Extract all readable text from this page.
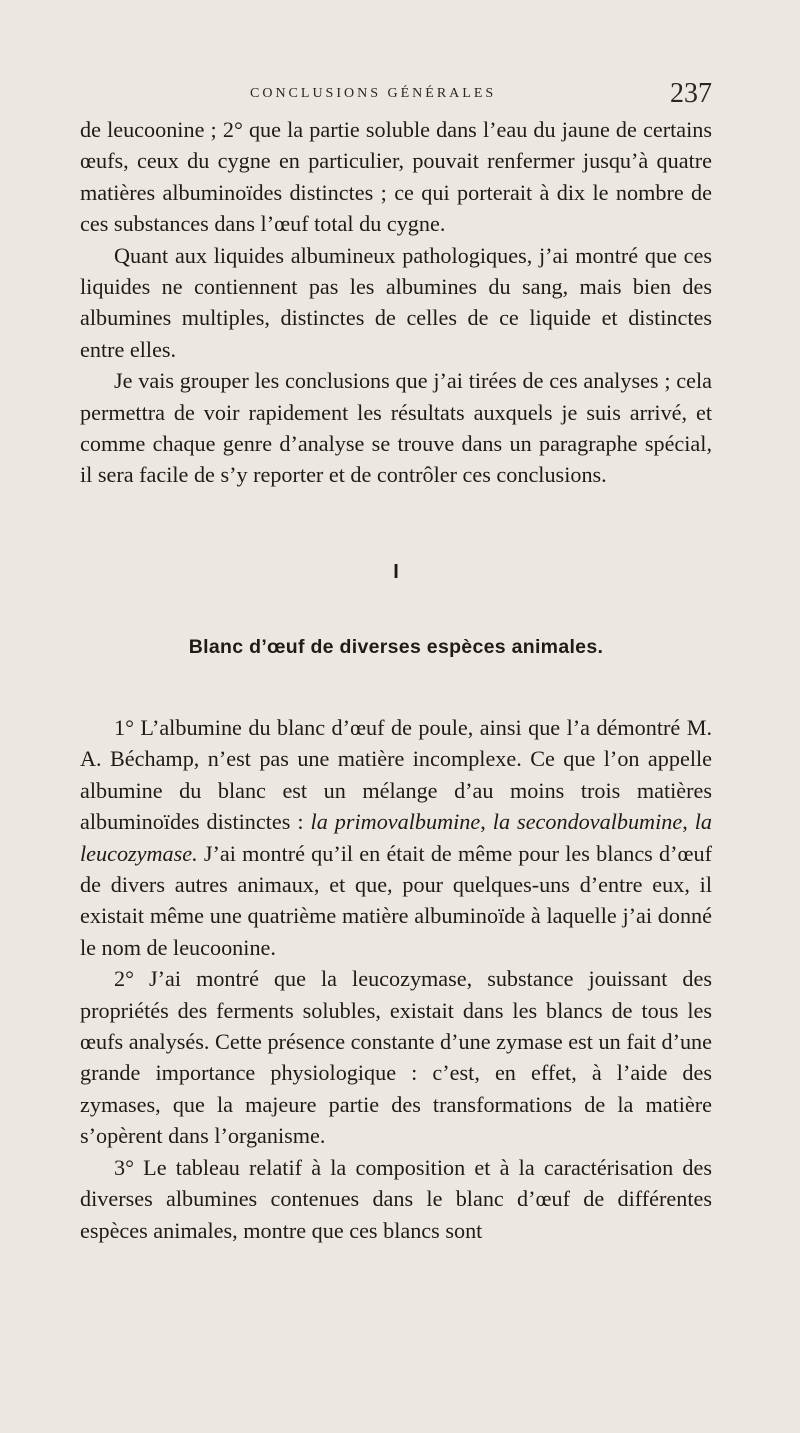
CONCLUSIONS GÉNÉRALES	237

de leucoonine ; 2° que la partie soluble dans l’eau du jaune de certains œufs, ceux du cygne en particulier, pouvait renfermer jusqu’à quatre matières albuminoïdes distinctes ; ce qui porterait à dix le nombre de ces substances dans l’œuf total du cygne.

Quant aux liquides albumineux pathologiques, j’ai montré que ces liquides ne contiennent pas les albumines du sang, mais bien des albumines multiples, distinctes de celles de ce liquide et distinctes entre elles.

Je vais grouper les conclusions que j’ai tirées de ces analyses ; cela permettra de voir rapidement les résultats auxquels je suis arrivé, et comme chaque genre d’analyse se trouve dans un paragraphe spécial, il sera facile de s’y reporter et de contrôler ces conclusions.

I
Blanc d’œuf de diverses espèces animales.

1° L’albumine du blanc d’œuf de poule, ainsi que l’a démontré M. A. Béchamp, n’est pas une matière incomplexe. Ce que l’on appelle albumine du blanc est un mélange d’au moins trois matières albuminoïdes distinctes : la primovalbumine, la secondovalbumine, la leucozymase. J’ai montré qu’il en était de même pour les blancs d’œuf de divers autres animaux, et que, pour quelques-uns d’entre eux, il existait même une quatrième matière albuminoïde à laquelle j’ai donné le nom de leucoonine.

2° J’ai montré que la leucozymase, substance jouissant des propriétés des ferments solubles, existait dans les blancs de tous les œufs analysés. Cette présence constante d’une zymase est un fait d’une grande importance physiologique : c’est, en effet, à l’aide des zymases, que la majeure partie des transformations de la matière s’opèrent dans l’organisme.

3° Le tableau relatif à la composition et à la caractérisation des diverses albumines contenues dans le blanc d’œuf de différentes espèces animales, montre que ces blancs sont
